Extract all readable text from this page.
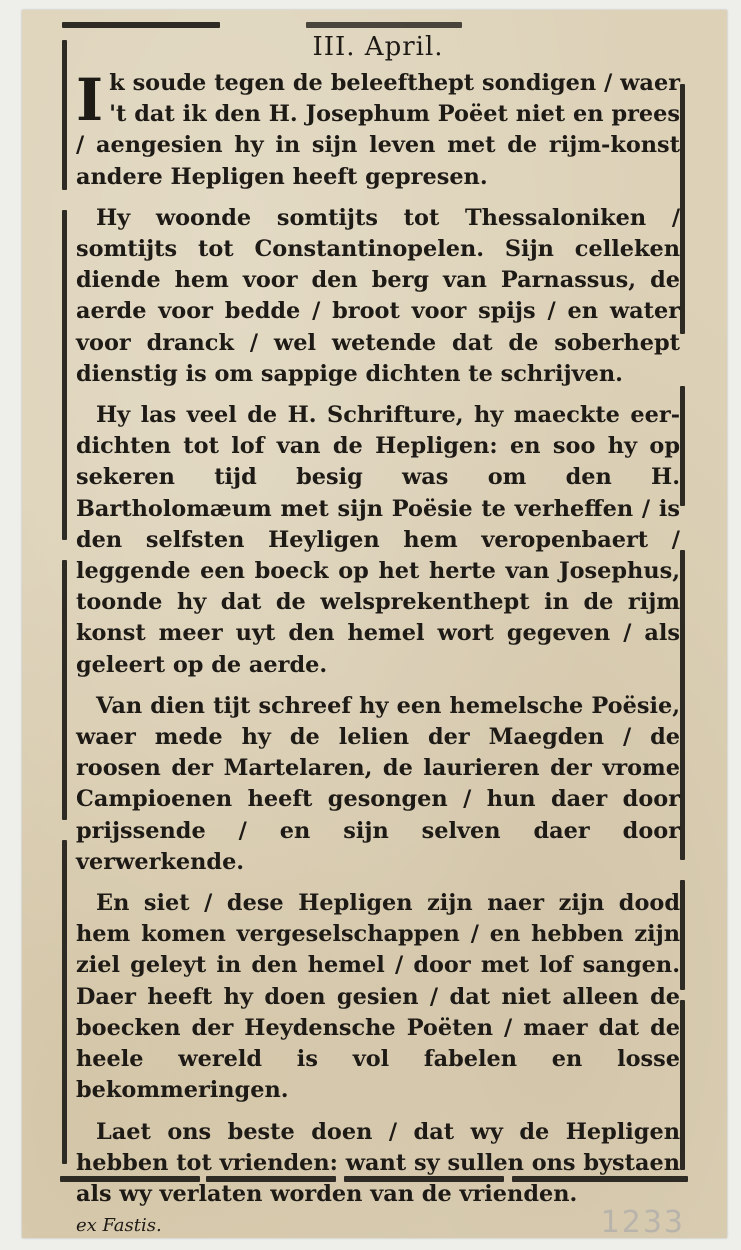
III. April.

Ik soude tegen de beleefthept sondigen / waer 't dat ik den H. Josephum Poëet niet en prees / aengesien hy in sijn leven met de rijm-konst andere Hepligen heeft gepresen.

Hy woonde somtijts tot Thessaloniken / somtijts tot Constantinopelen. Sijn celleken diende hem voor den berg van Parnassus, de aerde voor bedde / broot voor spijs / en water voor dranck / wel wetende dat de soberhept dienstig is om sappige dichten te schrijven.

Hy las veel de H. Schrifture, hy maeckte eer-dichten tot lof van de Hepligen: en soo hy op sekeren tijd besig was om den H. Bartholomæum met sijn Poësie te verheffen / is den selfsten Heyligen hem veropenbaert / leggende een boeck op het herte van Josephus, toonde hy dat de welsprekenthept in de rijm konst meer uyt den hemel wort gegeven / als geleert op de aerde.

Van dien tijt schreef hy een hemelsche Poësie, waer mede hy de lelien der Maegden / de roosen der Martelaren, de laurieren der vrome Campioenen heeft gesongen / hun daer door prijssende / en sijn selven daer door verwerkende.

En siet / dese Hepligen zijn naer zijn dood hem komen vergeselschappen / en hebben zijn ziel geleyt in den hemel / door met lof sangen. Daer heeft hy doen gesien / dat niet alleen de boecken der Heydensche Poëten / maer dat de heele wereld is vol fabelen en losse bekommeringen.

Laet ons beste doen / dat wy de Hepligen hebben tot vrienden: want sy sullen ons bystaen als wy verlaten worden van de vrienden.

ex Fastis.	1233
